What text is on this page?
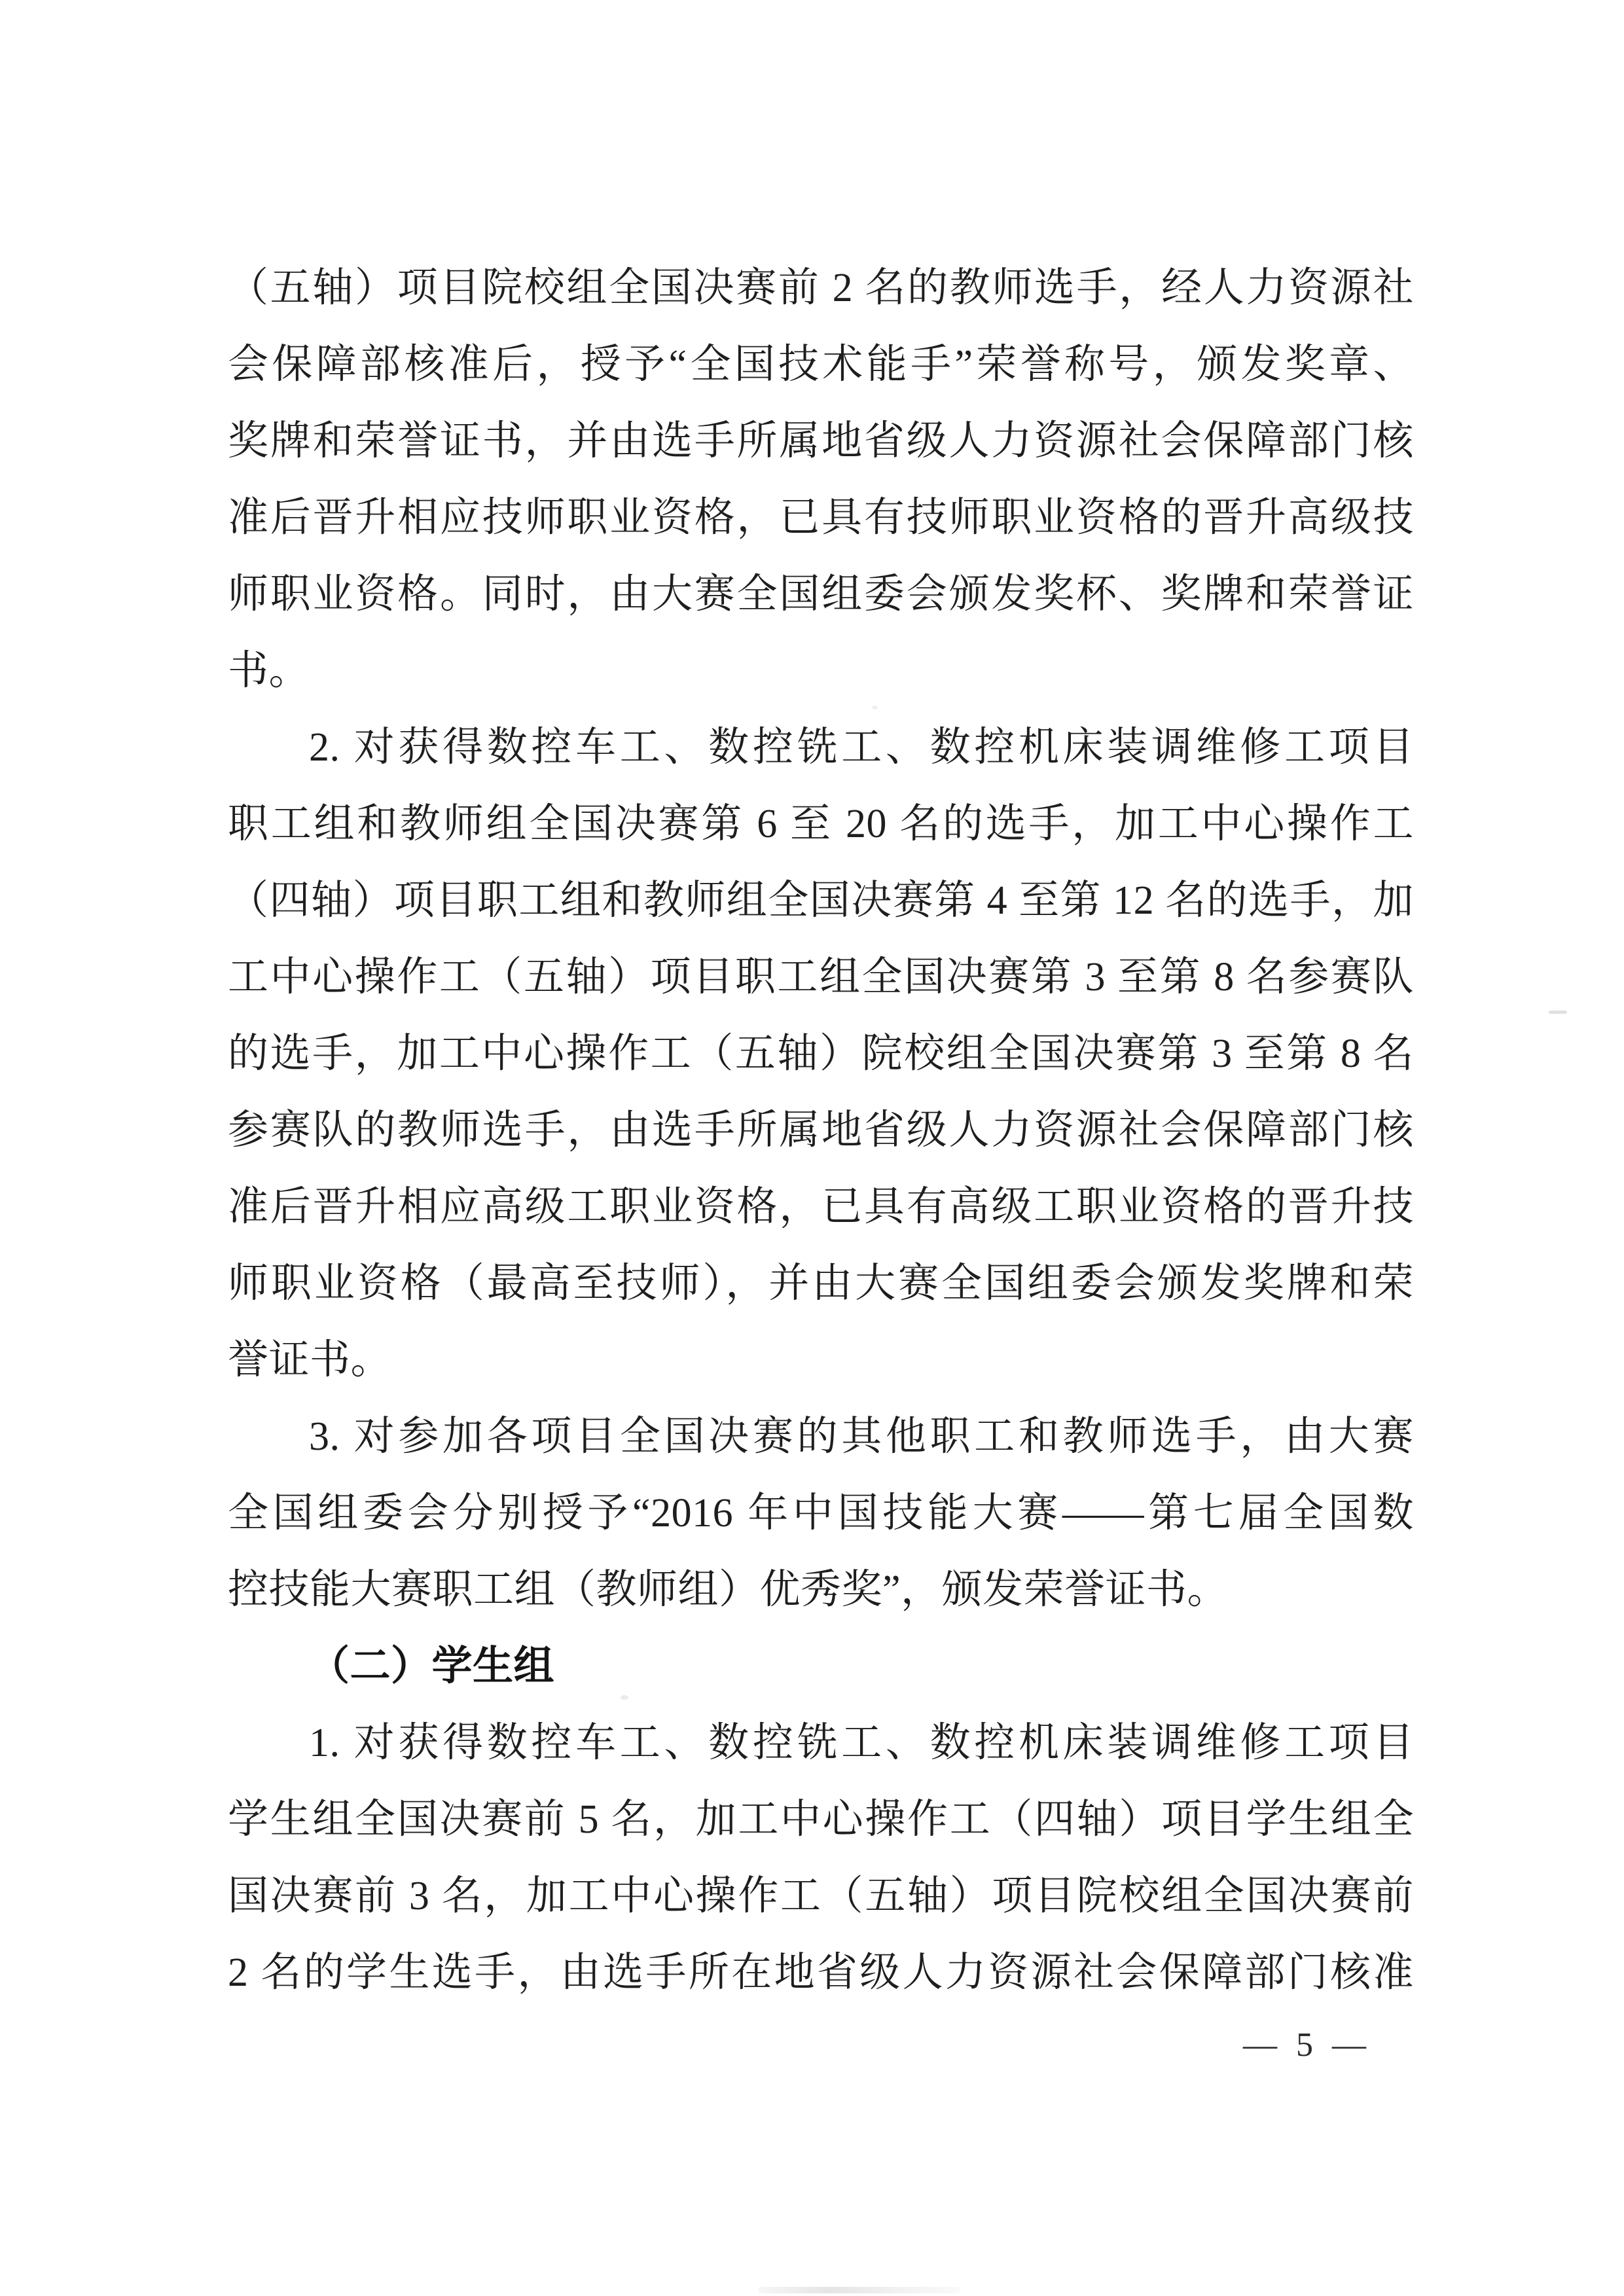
（五轴）项目院校组全国决赛前 2 名的教师选手，经人力资源社
会保障部核准后，授予“全国技术能手”荣誉称号，颁发奖章、
奖牌和荣誉证书，并由选手所属地省级人力资源社会保障部门核
准后晋升相应技师职业资格，已具有技师职业资格的晋升高级技
师职业资格。同时，由大赛全国组委会颁发奖杯、奖牌和荣誉证
书。
2. 对获得数控车工、数控铣工、数控机床装调维修工项目
职工组和教师组全国决赛第 6 至 20 名的选手，加工中心操作工
（四轴）项目职工组和教师组全国决赛第 4 至第 12 名的选手，加
工中心操作工（五轴）项目职工组全国决赛第 3 至第 8 名参赛队
的选手，加工中心操作工（五轴）院校组全国决赛第 3 至第 8 名
参赛队的教师选手，由选手所属地省级人力资源社会保障部门核
准后晋升相应高级工职业资格，已具有高级工职业资格的晋升技
师职业资格（最高至技师），并由大赛全国组委会颁发奖牌和荣
誉证书。
3. 对参加各项目全国决赛的其他职工和教师选手，由大赛
全国组委会分别授予“2016 年中国技能大赛——第七届全国数
控技能大赛职工组（教师组）优秀奖”，颁发荣誉证书。
（二）学生组
1. 对获得数控车工、数控铣工、数控机床装调维修工项目
学生组全国决赛前 5 名，加工中心操作工（四轴）项目学生组全
国决赛前 3 名，加工中心操作工（五轴）项目院校组全国决赛前
2 名的学生选手，由选手所在地省级人力资源社会保障部门核准
— 5 —
